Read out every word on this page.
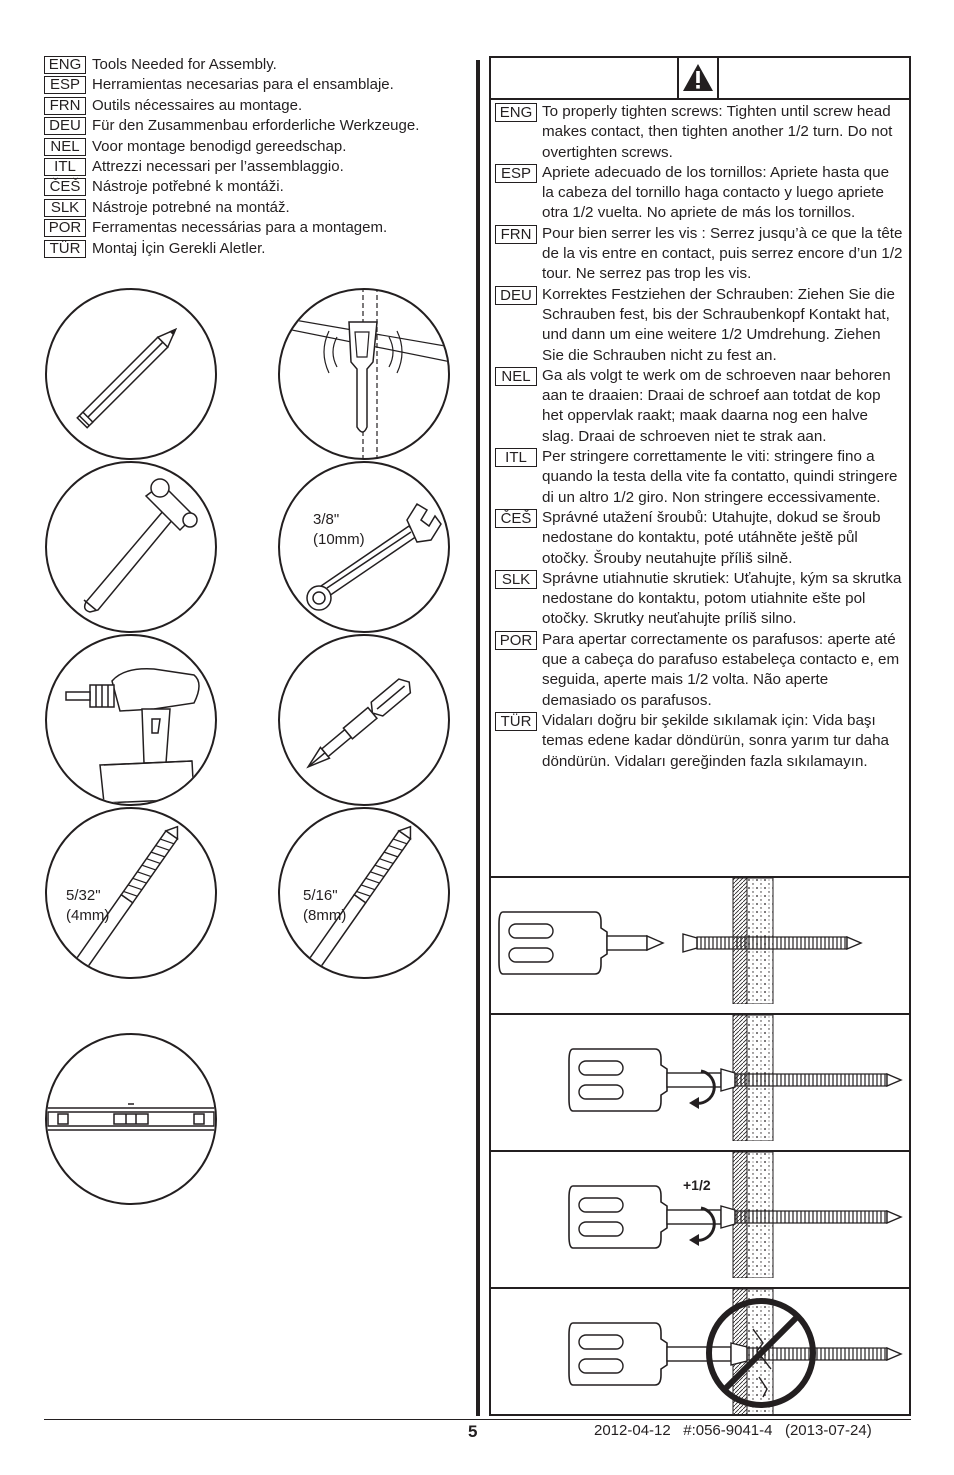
ENG Tools Needed for Assembly.
ESP Herramientas necesarias para el ensamblaje.
FRN Outils nécessaires au montage.
DEU Für den Zusammenbau erforderliche Werkzeuge.
NEL Voor montage benodigd gereedschap.
ITL	Attrezzi necessari per l’assemblaggio.
ČEŠ Nástroje potřebné k montáži.
SLK Nástroje potrebné na montáž.
POR Ferramentas necessárias para a montagem.
TÜR Montaj İçin Gerekli Aletler.
3/8"
(10mm)
5/32"
(4mm)
5/16"
(8mm)
ENG To properly tighten screws: Tighten until screw head makes contact, then tighten another 1/2 turn. Do not overtighten screws.
ESP Apriete adecuado de los tornillos: Apriete hasta que la cabeza del tornillo haga contacto y luego apriete otra 1/2 vuelta. No apriete de más los tornillos.
FRN Pour bien serrer les vis : Serrez jusqu’à ce que la tête de la vis entre en contact, puis serrez encore d’un 1/2 tour. Ne serrez pas trop les vis.
DEU Korrektes Festziehen der Schrauben: Ziehen Sie die Schrauben fest, bis der Schraubenkopf Kontakt hat, und dann um eine weitere 1/2 Umdrehung. Ziehen Sie die Schrauben nicht zu fest an.
NEL Ga als volgt te werk om de schroeven naar behoren aan te draaien: Draai de schroef aan totdat de kop het oppervlak raakt; maak daarna nog een halve slag. Draai de schroeven niet te strak aan.
ITL Per stringere correttamente le viti: stringere fino a quando la testa della vite fa contatto, quindi stringere di un altro 1/2 giro. Non stringere eccessivamente.
ČEŠ Správné utažení šroubů: Utahujte, dokud se šroub nedostane do kontaktu, poté utáhněte ještě půl otočky. Šrouby neutahujte příliš silně.
SLK Správne utiahnutie skrutiek: Uťahujte, kým sa skrutka nedostane do kontaktu, potom utiahnite ešte pol otočky. Skrutky neuťahujte príliš silno.
POR Para apertar correctamente os parafusos: aperte até que a cabeça do parafuso estabeleça contacto e, em seguida, aperte mais 1/2 volta. Não aperte demasiado os parafusos.
TÜR Vidaları doğru bir şekilde sıkılamak için: Vida başı temas edene kadar döndürün, sonra yarım tur daha döndürün. Vidaları gereğinden fazla sıkılamayın.
+1/2
5	2012-04-12   #:056-9041-4   (2013-07-24)
